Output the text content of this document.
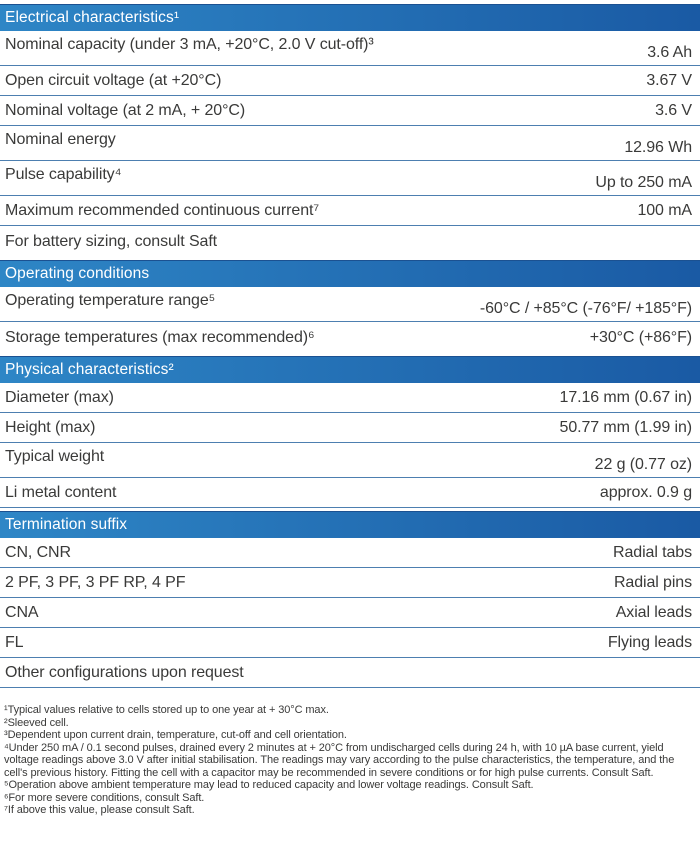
Electrical characteristics¹
Nominal capacity (under 3 mA, +20°C, 2.0 V cut-off)³	3.6 Ah
Open circuit voltage (at +20°C)	3.67 V
Nominal voltage (at 2 mA, + 20°C)	3.6 V
Nominal energy	12.96 Wh
Pulse capability⁴	Up to 250 mA
Maximum recommended continuous current⁷	100 mA
For battery sizing, consult Saft
Operating conditions
Operating temperature range⁵	-60°C / +85°C (-76°F/ +185°F)
Storage temperatures (max recommended)⁶	+30°C (+86°F)
Physical characteristics²
Diameter (max)	17.16 mm (0.67 in)
Height (max)	50.77 mm (1.99 in)
Typical weight	22 g (0.77 oz)
Li metal content	approx. 0.9 g
Termination suffix
CN, CNR	Radial tabs
2 PF, 3 PF, 3 PF RP, 4 PF	Radial pins
CNA	Axial leads
FL	Flying leads
Other configurations upon request
¹Typical values relative to cells stored up to one year at + 30°C max.
²Sleeved cell.
³Dependent upon current drain, temperature, cut-off and cell orientation.
⁴Under 250 mA / 0.1 second pulses, drained every 2 minutes at + 20°C from undischarged cells during 24 h, with 10 µA base current, yield voltage readings above 3.0 V after initial stabilisation. The readings may vary according to the pulse characteristics, the temperature, and the cell's previous history. Fitting the cell with a capacitor may be recommended in severe conditions or for high pulse currents. Consult Saft.
⁵Operation above ambient temperature may lead to reduced capacity and lower voltage readings. Consult Saft.
⁶For more severe conditions, consult Saft.
⁷If above this value, please consult Saft.
